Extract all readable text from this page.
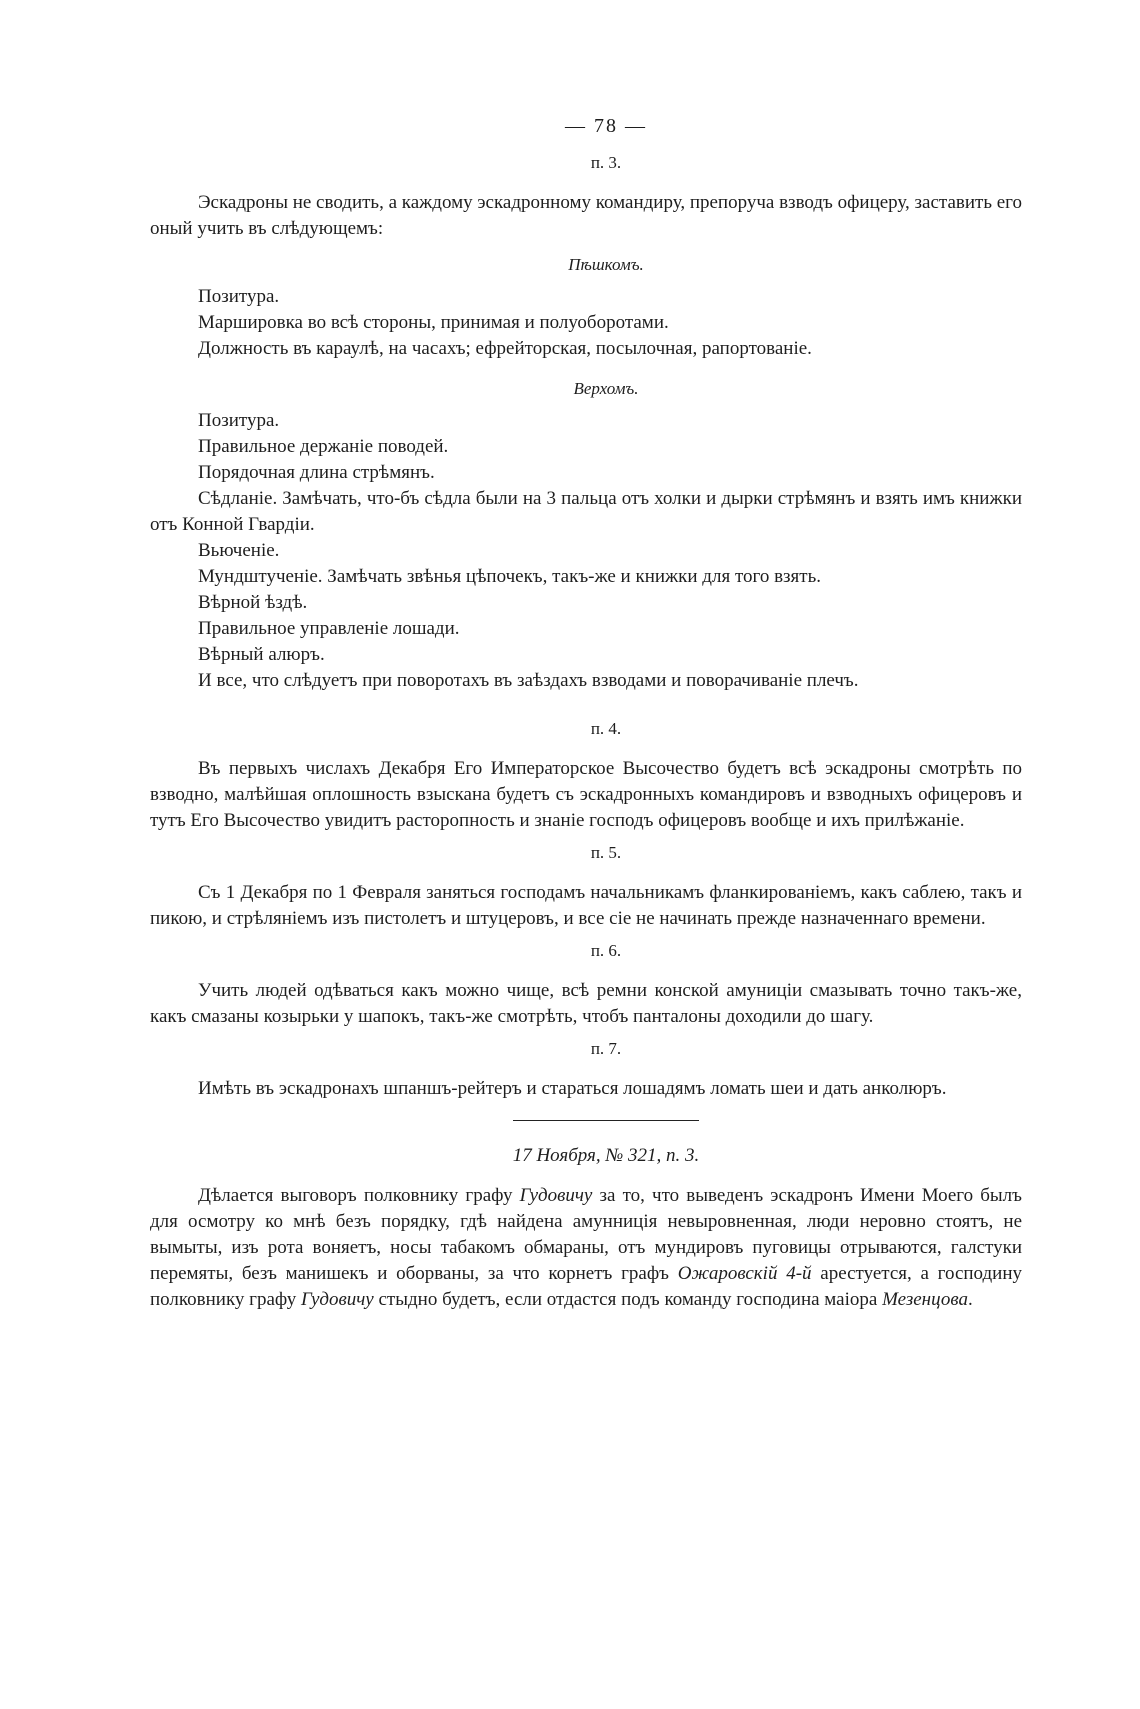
— 78 —
п. 3.

Эскадроны не сводить, а каждому эскадронному командиру, препоруча взводъ офицеру, заставить его оный учить въ слѣдующемъ:

Пѣшкомъ.

Позитура.

Маршировка во всѣ стороны, принимая и полуоборотами.

Должность въ караулѣ, на часахъ; ефрейторская, посылочная, рапортованіе.

Верхомъ.

Позитура.

Правильное держаніе поводей.

Порядочная длина стрѣмянъ.

Сѣдланіе. Замѣчать, что-бъ сѣдла были на 3 пальца отъ холки и дырки стрѣмянъ и взять имъ книжки отъ Конной Гвардіи.

Вьюченіе.

Мундштученіе. Замѣчать звѣнья цѣпочекъ, такъ-же и книжки для того взять.

Вѣрной ѣздѣ.

Правильное управленіе лошади.

Вѣрный алюръ.

И все, что слѣдуетъ при поворотахъ въ заѣздахъ взводами и поворачиваніе плечъ.

п. 4.

Въ первыхъ числахъ Декабря Его Императорское Высочество будетъ всѣ эскадроны смотрѣть по взводно, малѣйшая оплошность взыскана будетъ съ эскадронныхъ командировъ и взводныхъ офицеровъ и тутъ Его Высочество увидитъ расторопность и знаніе господъ офицеровъ вообще и ихъ прилѣжаніе.

п. 5.

Съ 1 Декабря по 1 Февраля заняться господамъ начальникамъ фланкированіемъ, какъ саблею, такъ и пикою, и стрѣляніемъ изъ пистолетъ и штуцеровъ, и все сіе не начинать прежде назначеннаго времени.

п. 6.

Учить людей одѣваться какъ можно чище, всѣ ремни конской амуниціи смазывать точно такъ-же, какъ смазаны козырьки у шапокъ, такъ-же смотрѣть, чтобъ панталоны доходили до шагу.

п. 7.

Имѣть въ эскадронахъ шпаншъ-рейтеръ и стараться лошадямъ ломать шеи и дать анколюръ.

17 Ноября, № 321, п. 3.

Дѣлается выговоръ полковнику графу Гудовичу за то, что выведенъ эскадронъ Имени Моего былъ для осмотру ко мнѣ безъ порядку, гдѣ найдена амунниція невыровненная, люди неровно стоятъ, не вымыты, изъ рота воняетъ, носы табакомъ обмараны, отъ мундировъ пуговицы отрываются, галстуки перемяты, безъ манишекъ и оборваны, за что корнетъ графъ Ожаровскій 4-й арестуется, а господину полковнику графу Гудовичу стыдно будетъ, если отдастся подъ команду господина маіора Мезенцова.
